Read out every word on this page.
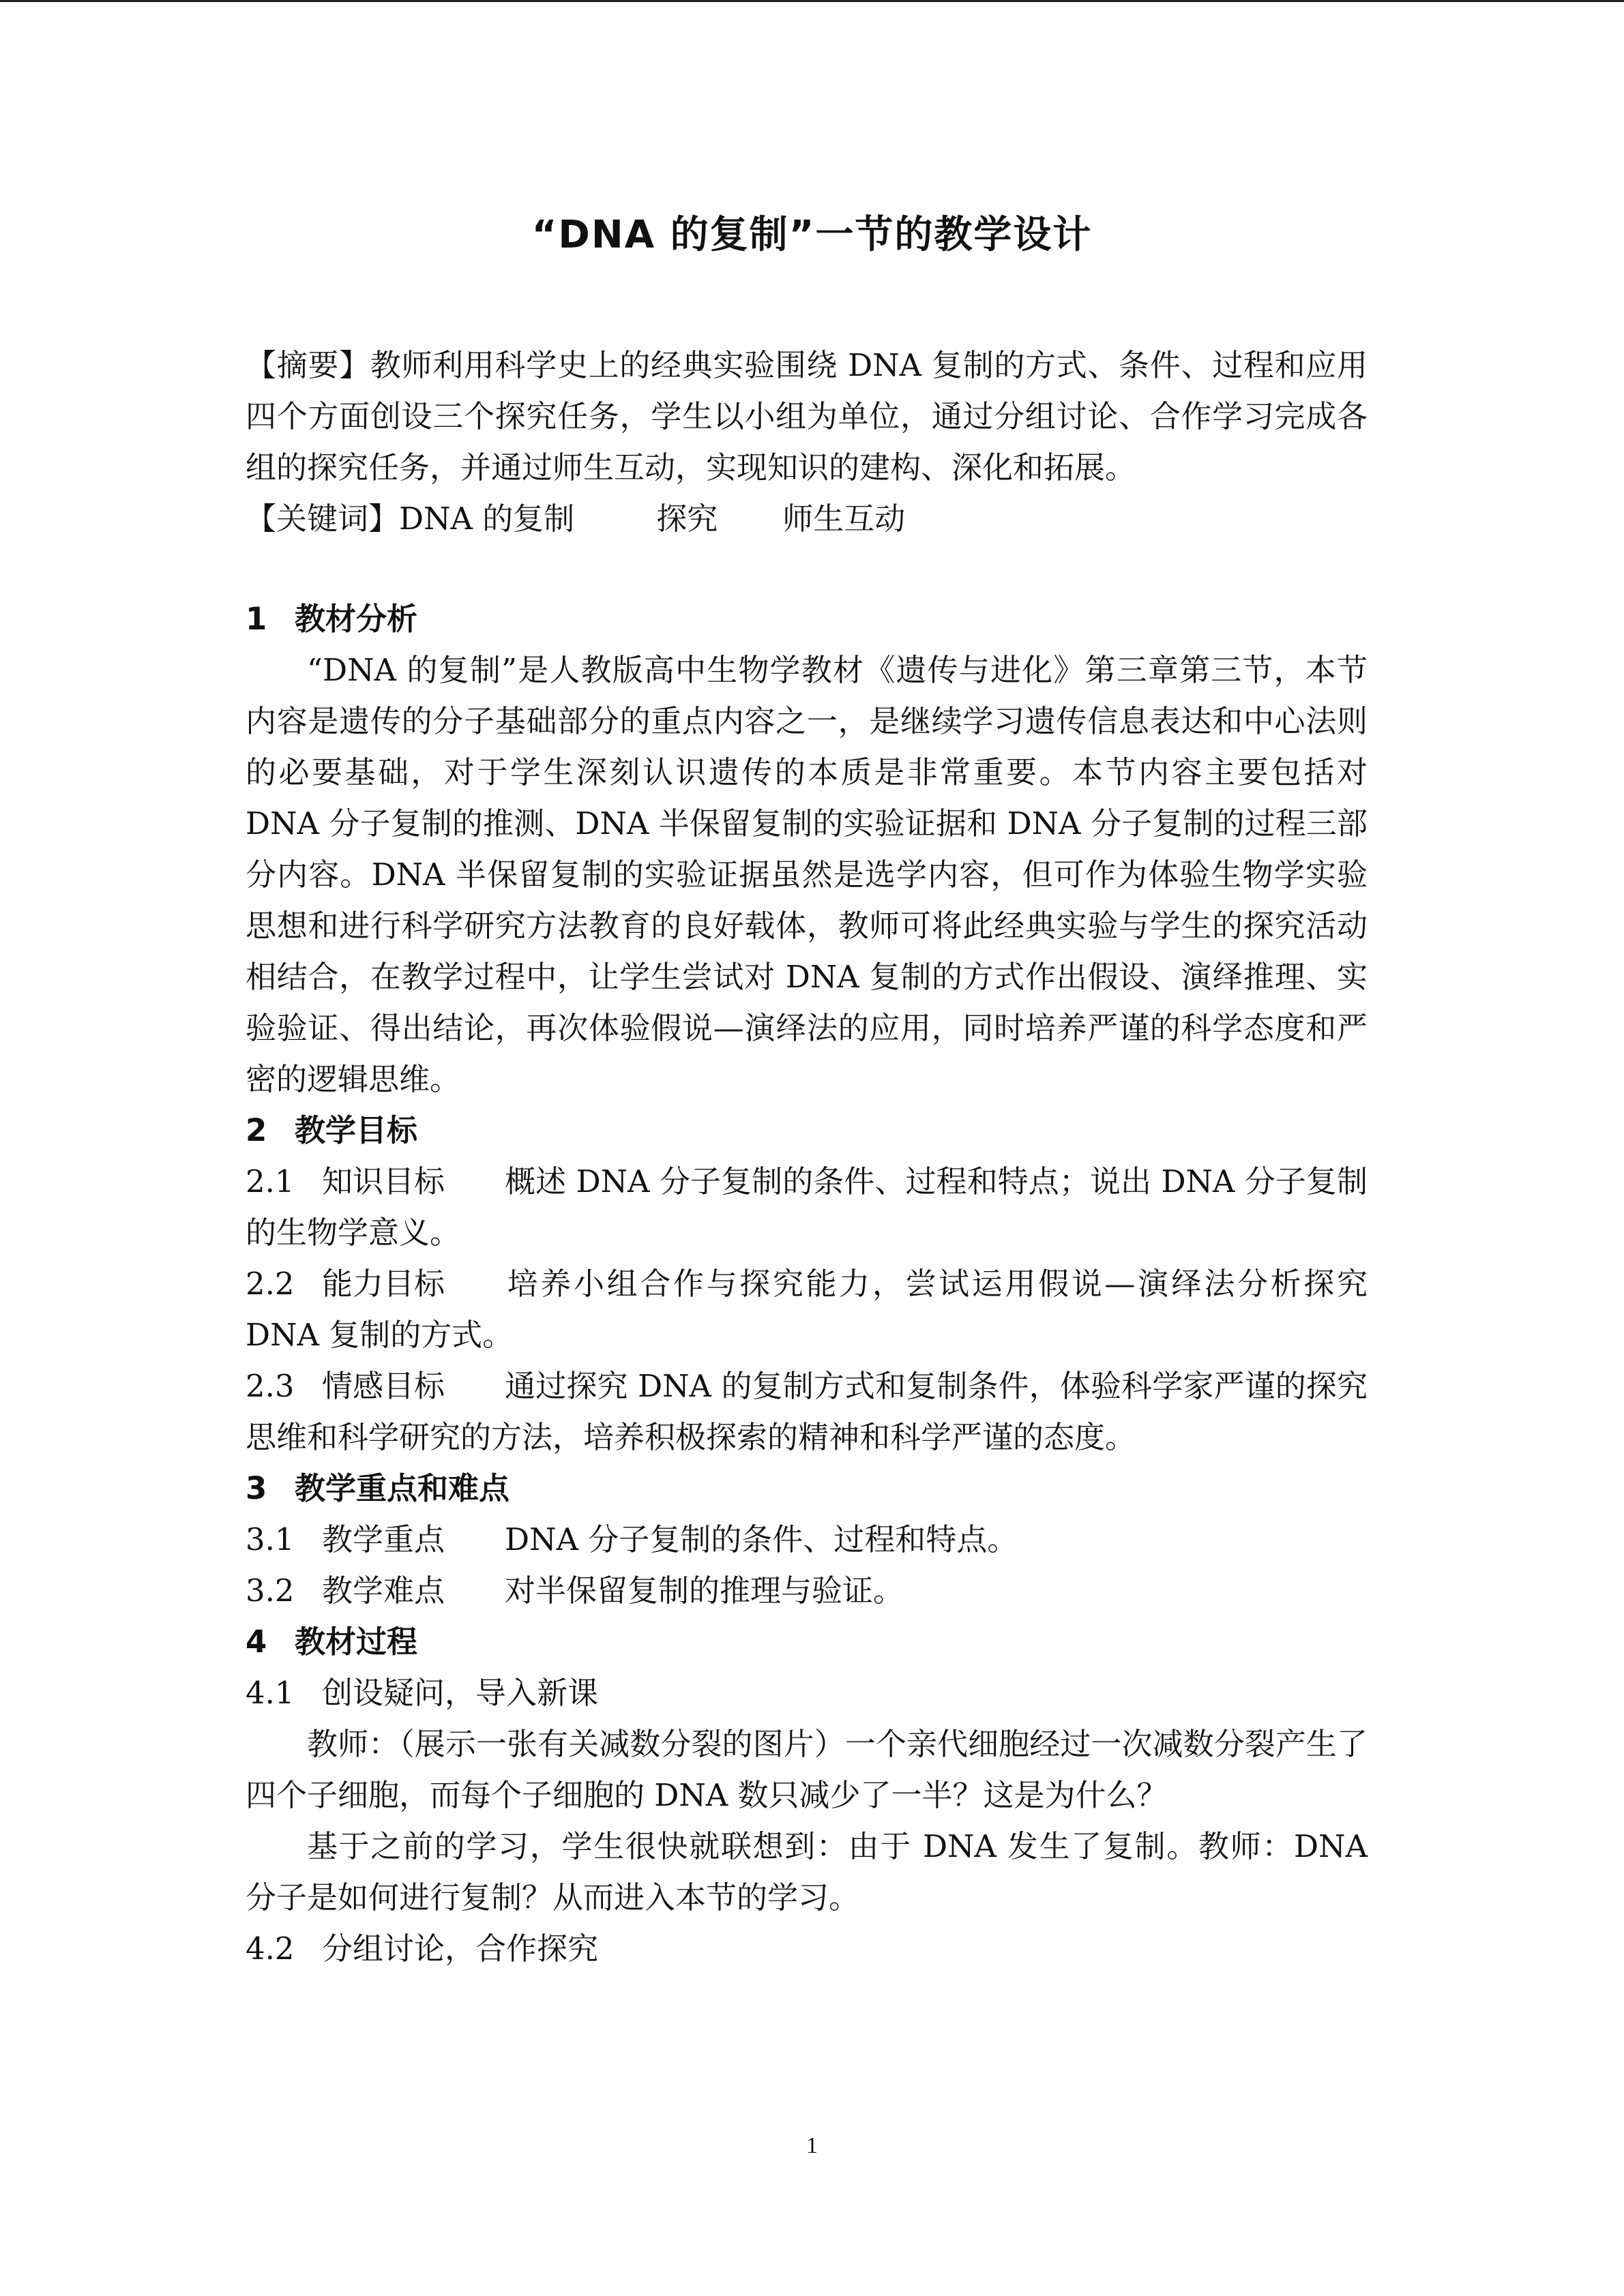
“DNA 的复制”一节的教学设计

【摘要】教师利用科学史上的经典实验围绕 DNA 复制的方式、条件、过程和应用四个方面创设三个探究任务，学生以小组为单位，通过分组讨论、合作学习完成各组的探究任务，并通过师生互动，实现知识的建构、深化和拓展。

【关键词】DNA 的复制	探究 师生互动

1 教材分析

“DNA 的复制”是人教版高中生物学教材《遗传与进化》第三章第三节，本节内容是遗传的分子基础部分的重点内容之一，是继续学习遗传信息表达和中心法则的必要基础，对于学生深刻认识遗传的本质是非常重要。本节内容主要包括对 DNA 分子复制的推测、DNA 半保留复制的实验证据和 DNA 分子复制的过程三部分内容。DNA 半保留复制的实验证据虽然是选学内容，但可作为体验生物学实验思想和进行科学研究方法教育的良好载体，教师可将此经典实验与学生的探究活动相结合，在教学过程中，让学生尝试对 DNA 复制的方式作出假设、演绎推理、实验验证、得出结论，再次体验假说—演绎法的应用，同时培养严谨的科学态度和严密的逻辑思维。

2 教学目标

2.1 知识目标 概述 DNA 分子复制的条件、过程和特点；说出 DNA 分子复制的生物学意义。

2.2 能力目标 培养小组合作与探究能力，尝试运用假说—演绎法分析探究 DNA 复制的方式。

2.3 情感目标 通过探究 DNA 的复制方式和复制条件，体验科学家严谨的探究思维和科学研究的方法，培养积极探索的精神和科学严谨的态度。

3 教学重点和难点

3.1 教学重点 DNA 分子复制的条件、过程和特点。

3.2 教学难点 对半保留复制的推理与验证。

4 教材过程

4.1 创设疑问，导入新课

教师：（展示一张有关减数分裂的图片）一个亲代细胞经过一次减数分裂产生了四个子细胞，而每个子细胞的 DNA 数只减少了一半？这是为什么？

基于之前的学习，学生很快就联想到：由于 DNA 发生了复制。教师：DNA 分子是如何进行复制？从而进入本节的学习。

4.2 分组讨论，合作探究

1
